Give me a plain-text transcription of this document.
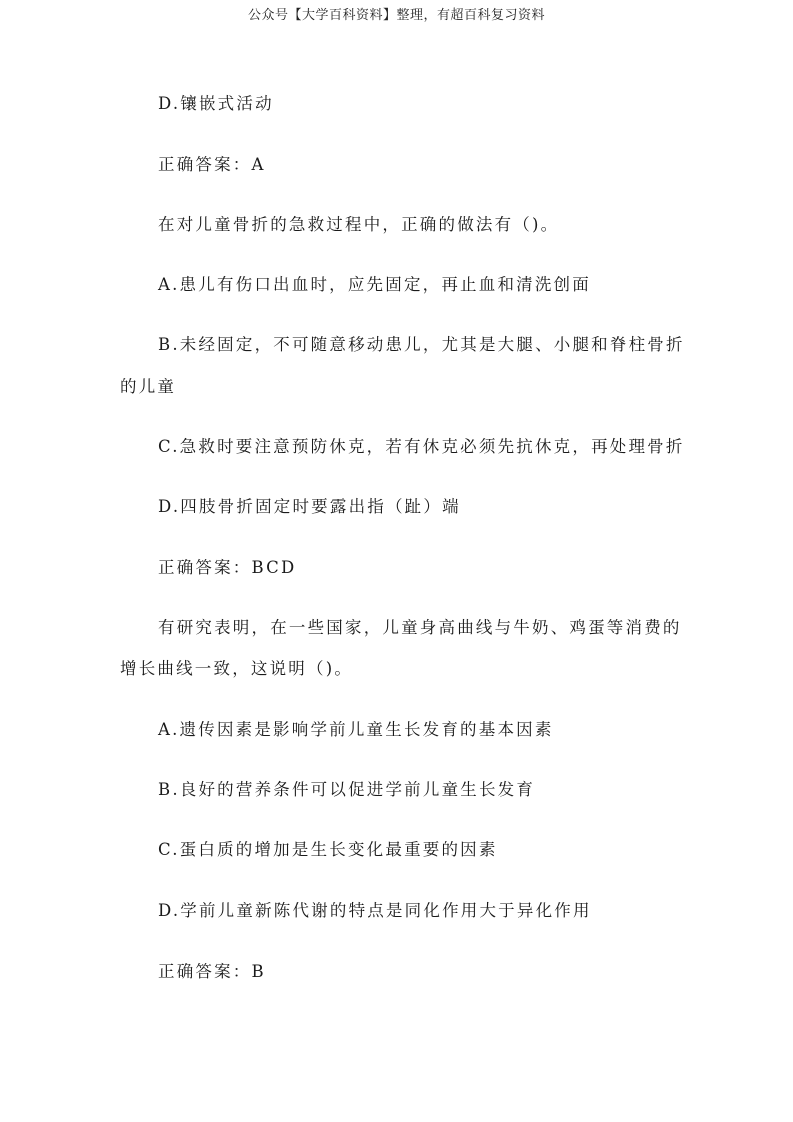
公众号【大学百科资料】整理，有超百科复习资料
D.镶嵌式活动
正确答案：A
在对儿童骨折的急救过程中，正确的做法有（)。
A.患儿有伤口出血时，应先固定，再止血和清洗创面
B.未经固定，不可随意移动患儿，尤其是大腿、小腿和脊柱骨折
的儿童
C.急救时要注意预防休克，若有休克必须先抗休克，再处理骨折
D.四肢骨折固定时要露出指（趾）端
正确答案：BCD
有研究表明，在一些国家，儿童身高曲线与牛奶、鸡蛋等消费的
增长曲线一致，这说明（)。
A.遗传因素是影响学前儿童生长发育的基本因素
B.良好的营养条件可以促进学前儿童生长发育
C.蛋白质的增加是生长变化最重要的因素
D.学前儿童新陈代谢的特点是同化作用大于异化作用
正确答案：B
